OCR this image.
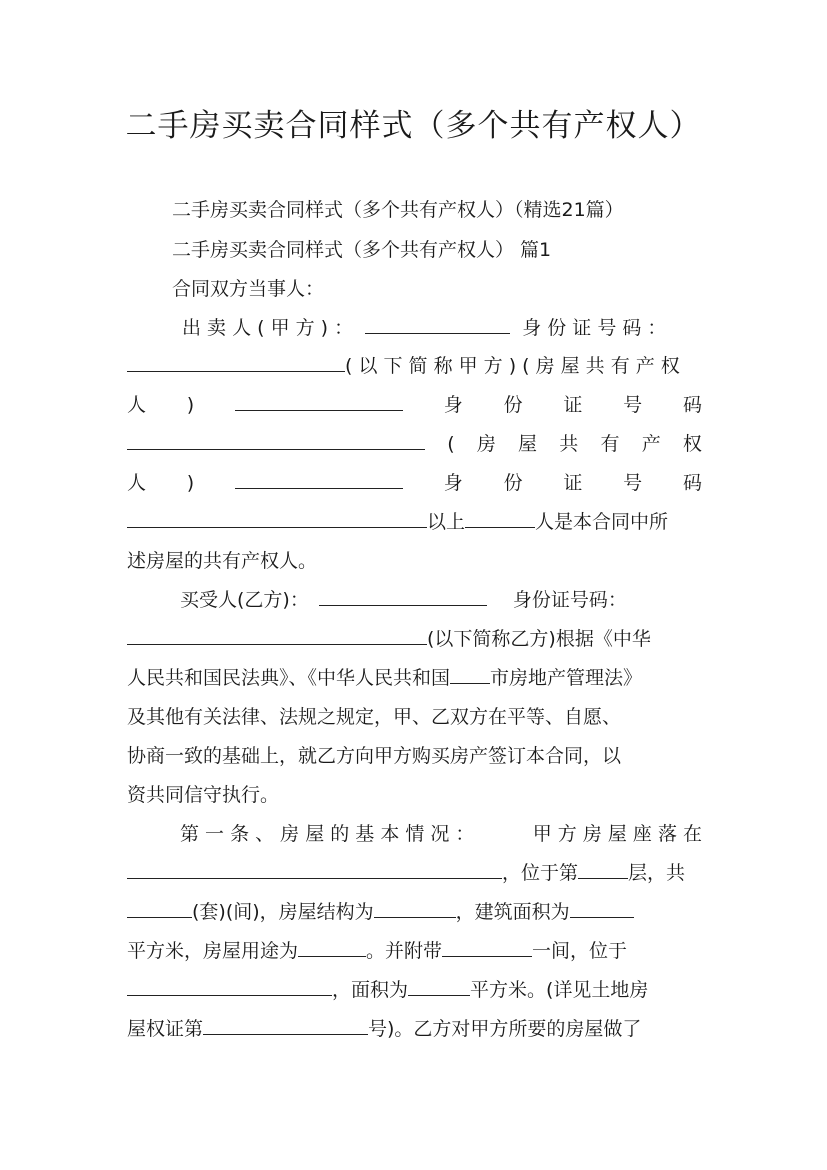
二手房买卖合同样式（多个共有产权人）
二手房买卖合同样式（多个共有产权人）（精选21篇）
二手房买卖合同样式（多个共有产权人） 篇1
合同双方当事人：
出 卖 人 ( 甲 方 ) ：	身 份 证 号 码 ：
( 以 下 简 称 甲 方 ) ( 房 屋 共 有 产 权
人 )	身 份 证 号 码
( 房 屋 共 有 产 权
人 )	身 份 证 号 码
以上	人是本合同中所
述房屋的共有产权人。
买受人(乙方)：	身份证号码：
(以下简称乙方)根据《中华
人民共和国民法典》、《中华人民共和国 市房地产管理法》
及其他有关法律、法规之规定，甲、乙双方在平等、自愿、
协商一致的基础上，就乙方向甲方购买房产签订本合同，以
资共同信守执行。
第 一 条 、 房 屋 的 基 本 情 况 ：	甲 方 房 屋 座 落 在
，位于第	层，共
(套)(间)，房屋结构为	，建筑面积为
平方米，房屋用途为	。并附带	一间，位于
，面积为	平方米。(详见土地房
屋权证第	号)。乙方对甲方所要的房屋做了
